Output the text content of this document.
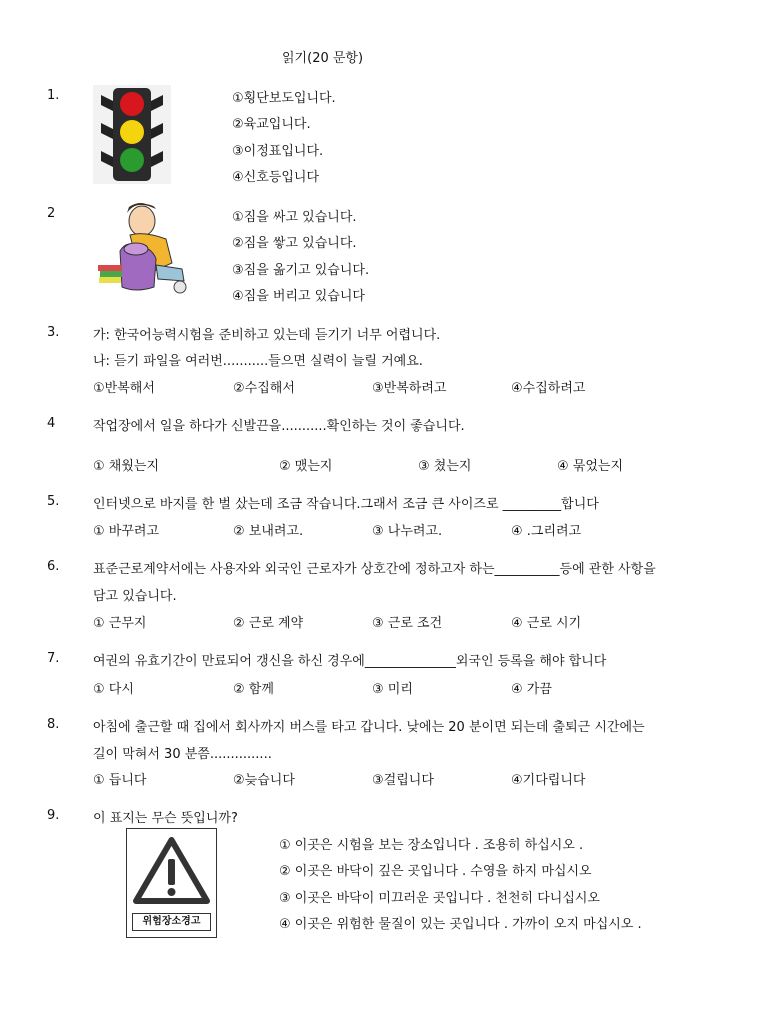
읽기(20 문항)
1.	①횡단보도입니다.
②육교입니다.
③이정표입니다.
④신호등입니다
2	①짐을 싸고 있습니다.
②짐을 쌓고 있습니다.
③짐을 옮기고 있습니다.
④짐을 버리고 있습니다
3.	가: 한국어능력시험을 준비하고 있는데 듣기기 너무 어렵니다.
나: 듣기 파일을 여러번...........들으면 실력이 늘릴 거예요.
①반복해서	②수집해서	③반복하려고	④수집하려고
4	작업장에서 일을 하다가 신발끈을...........확인하는 것이 좋습니다.
① 채웠는지	② 맸는지	③ 쳤는지	④ 묶었는지
5.	인터넷으로 바지를 한 벌 샀는데 조금 작습니다.그래서 조금 큰 사이즈로 _________합니다
① 바꾸려고	② 보내려고.	③ 나누려고.	④ .그리려고
6.	표준근로계약서에는 사용자와 외국인 근로자가 상호간에 정하고자 하는__________등에 관한 사항을
담고 있습니다.
① 근무지	② 근로 계약	③ 근로 조건	④ 근로 시기
7.	여권의 유효기간이 만료되어 갱신을 하신 경우에______________외국인 등록을 해야 합니다
① 다시	② 함께	③ 미리	④ 가끔
8.	아침에 출근할 때 집에서 회사까지 버스를 타고 갑니다. 낮에는 20 분이면 되는데 출퇴근 시간에는
길이 막혀서 30 분쯤...............
① 듭니다	②늦습니다	③걸립니다	④기다립니다
9.	이 표지는 무슨 뜻입니까?
위험장소경고
① 이곳은 시험을 보는 장소입니다 . 조용히 하십시오 .
② 이곳은 바닥이 깊은 곳입니다 . 수영을 하지 마십시오
③ 이곳은 바닥이 미끄러운 곳입니다 . 천천히 다니십시오
④ 이곳은 위험한 물질이 있는 곳입니다 . 가까이 오지 마십시오 .
